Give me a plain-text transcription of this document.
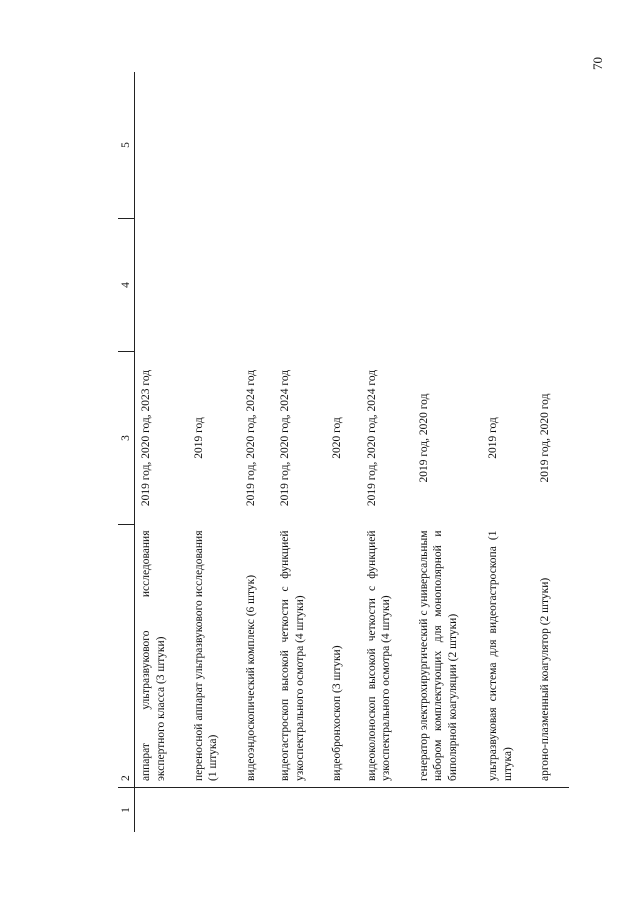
70
1	2	3	4	5
	аппарат ультразвукового исследования экспертного класса (3 штуки)	2019 год, 2020 год, 2023 год		
	переносной аппарат ультразвукового исследования (1 штука)	2019 год		
	видеоэндоскопический комплекс (6 штук)	2019 год, 2020 год, 2024 год		
	видеогастроскоп высокой четкости с функцией узкоспектрального осмотра (4 штуки)	2019 год, 2020 год, 2024 год		
	видеобронхоскоп (3 штуки)	2020 год		
	видеоколоноскоп высокой четкости с функцией узкоспектрального осмотра (4 штуки)	2019 год, 2020 год, 2024 год		
	генератор электрохирургический с универсальным набором комплектующих для монополярной и биполярной коагуляции (2 штуки)	2019 год, 2020 год		
	ультразвуковая система для видеогастроскопа (1 штука)	2019 год		
	аргоно-плазменный коагулятор (2 штуки)	2019 год, 2020 год		
